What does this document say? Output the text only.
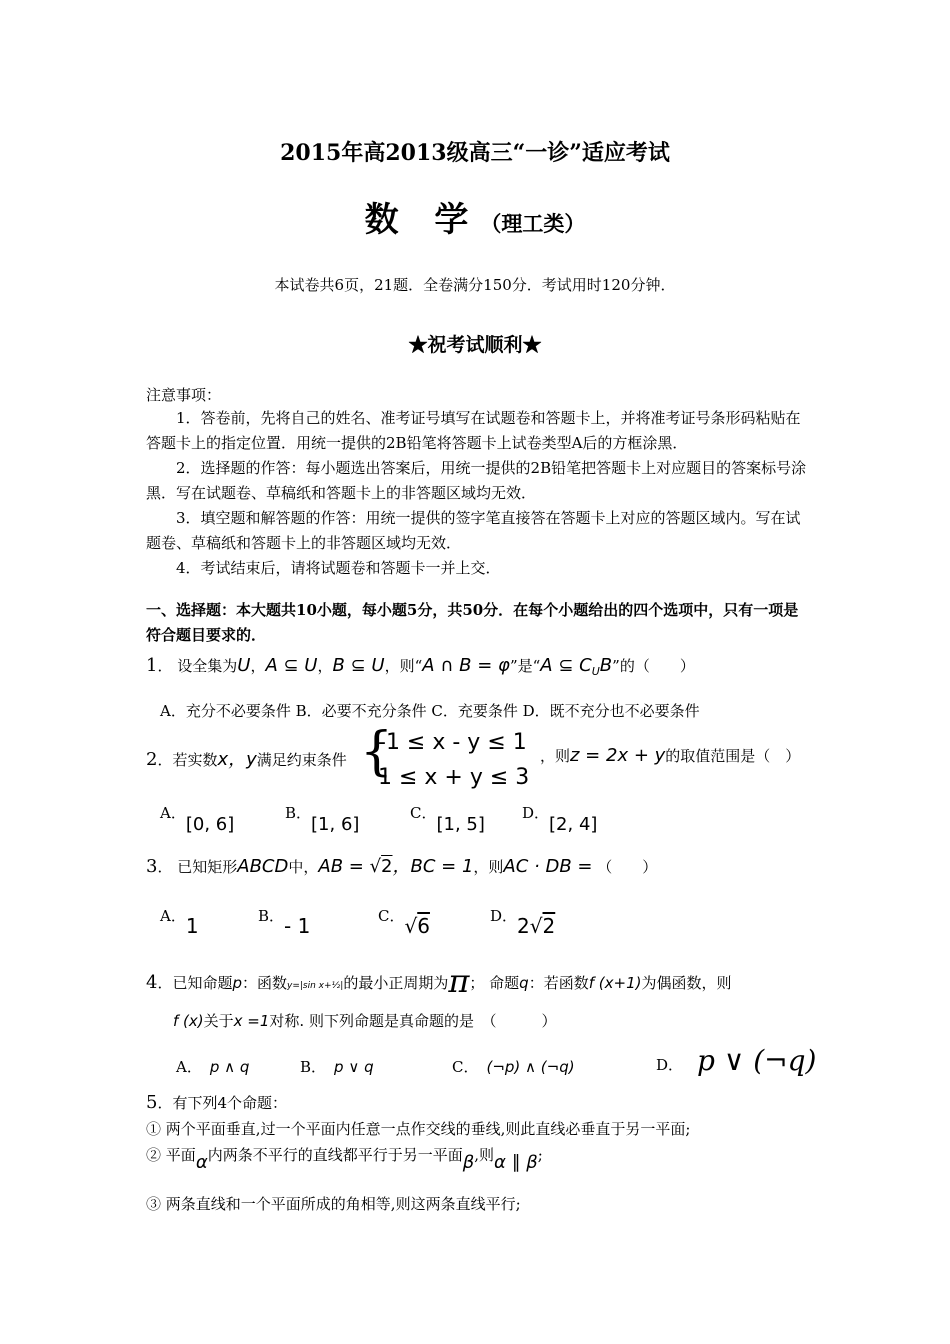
2015年高2013级高三“一诊”适应考试
数 学（理工类）
本试卷共6页，21题．全卷满分150分．考试用时120分钟．
★祝考试顺利★
注意事项：
1．答卷前，先将自己的姓名、准考证号填写在试题卷和答题卡上，并将准考证号条形码粘贴在答题卡上的指定位置．用统一提供的2B铅笔将答题卡上试卷类型A后的方框涂黑．
2．选择题的作答：每小题选出答案后，用统一提供的2B铅笔把答题卡上对应题目的答案标号涂黑．写在试题卷、草稿纸和答题卡上的非答题区域均无效．
3．填空题和解答题的作答：用统一提供的签字笔直接答在答题卡上对应的答题区域内。写在试题卷、草稿纸和答题卡上的非答题区域均无效．
4．考试结束后，请将试题卷和答题卡一并上交．
一、选择题：本大题共10小题，每小题5分，共50分．在每个小题给出的四个选项中，只有一项是符合题目要求的．
1． 设全集为U，A ⊆ U，B ⊆ U，则“A ∩ B = φ”是“A ⊆ $C_UB$”的（　　）
A．充分不必要条件 B．必要不充分条件 C．充要条件 D．既不充分也不必要条件
2．若实数x，y满足约束条件 {
-1 ≤ x - y ≤ 1
1 ≤ x + y ≤ 3
，则z = 2x + y的取值范围是（　）
A．[0, 6]
B．[1, 6]
C．[1, 5]
D．[2, 4]
3． 已知矩形ABCD中，AB = √2，BC = 1，则AC · DB = （　　）
A．1	B．- 1	C．√6	D．2√2
4．已知命题p：函数y=|sin x+½|的最小正周期为π； 命题q：若函数f (x+1)为偶函数，则
f (x)关于x =1对称. 则下列命题是真命题的是　（　　　）
A． p ∧ q	B． p ∨ q	C． (¬p) ∧ (¬q)	D． p ∨ (¬q)
5．有下列4个命题：
① 两个平面垂直,过一个平面内任意一点作交线的垂线,则此直线必垂直于另一平面;
② 平面α内两条不平行的直线都平行于另一平面β,则α ∥ β;
③ 两条直线和一个平面所成的角相等,则这两条直线平行;
